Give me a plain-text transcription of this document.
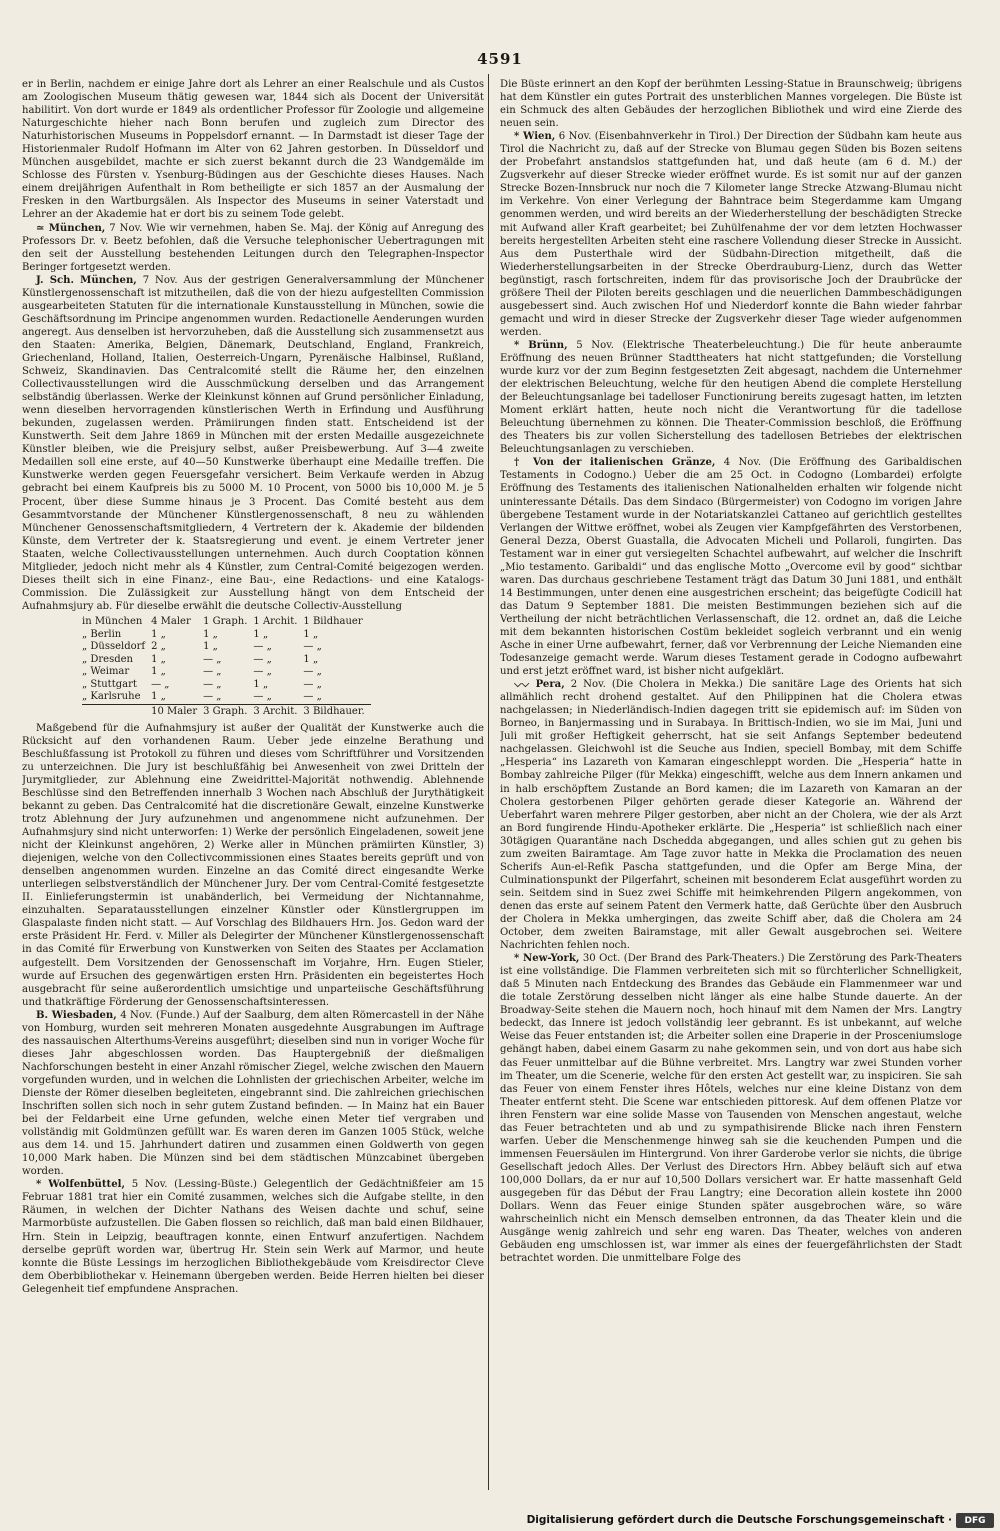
4591

er in Berlin, nachdem er einige Jahre dort als Lehrer an einer Realschule und als Custos am Zoologischen Museum thätig gewesen war, 1844 sich als Docent der Universität habilitirt. Von dort wurde er 1849 als ordentlicher Professor für Zoologie und allgemeine Naturgeschichte hieher nach Bonn berufen und zugleich zum Director des Naturhistorischen Museums in Poppelsdorf ernannt. — In Darmstadt ist dieser Tage der Historienmaler Rudolf Hofmann im Alter von 62 Jahren gestorben. In Düsseldorf und München ausgebildet, machte er sich zuerst bekannt durch die 23 Wandgemälde im Schlosse des Fürsten v. Ysenburg-Büdingen aus der Geschichte dieses Hauses. Nach einem dreijährigen Aufenthalt in Rom betheiligte er sich 1857 an der Ausmalung der Fresken in den Wartburgsälen. Als Inspector des Museums in seiner Vaterstadt und Lehrer an der Akademie hat er dort bis zu seinem Tode gelebt.

≃ München, 7 Nov. Wie wir vernehmen, haben Se. Maj. der König auf Anregung des Professors Dr. v. Beetz befohlen, daß die Versuche telephonischer Uebertragungen mit den seit der Ausstellung bestehenden Leitungen durch den Telegraphen-Inspector Beringer fortgesetzt werden.

J. Sch. München, 7 Nov. Aus der gestrigen Generalversammlung der Münchener Künstlergenossenschaft ist mitzutheilen, daß die von der hiezu aufgestellten Commission ausgearbeiteten Statuten für die internationale Kunstausstellung in München, sowie die Geschäftsordnung im Principe angenommen wurden. Redactionelle Aenderungen wurden angeregt. Aus denselben ist hervorzuheben, daß die Ausstellung sich zusammensetzt aus den Staaten: Amerika, Belgien, Dänemark, Deutschland, England, Frankreich, Griechenland, Holland, Italien, Oesterreich-Ungarn, Pyrenäische Halbinsel, Rußland, Schweiz, Skandinavien. Das Centralcomité stellt die Räume her, den einzelnen Collectivausstellungen wird die Ausschmückung derselben und das Arrangement selbständig überlassen. Werke der Kleinkunst können auf Grund persönlicher Einladung, wenn dieselben hervorragenden künstlerischen Werth in Erfindung und Ausführung bekunden, zugelassen werden. Prämiirungen finden statt. Entscheidend ist der Kunstwerth. Seit dem Jahre 1869 in München mit der ersten Medaille ausgezeichnete Künstler bleiben, wie die Preisjury selbst, außer Preisbewerbung. Auf 3—4 zweite Medaillen soll eine erste, auf 40—50 Kunstwerke überhaupt eine Medaille treffen. Die Kunstwerke werden gegen Feuersgefahr versichert. Beim Verkaufe werden in Abzug gebracht bei einem Kaufpreis bis zu 5000 M. 10 Procent, von 5000 bis 10,000 M. je 5 Procent, über diese Summe hinaus je 3 Procent. Das Comité besteht aus dem Gesammtvorstande der Münchener Künstlergenossenschaft, 8 neu zu wählenden Münchener Genossenschaftsmitgliedern, 4 Vertretern der k. Akademie der bildenden Künste, dem Vertreter der k. Staatsregierung und event. je einem Vertreter jener Staaten, welche Collectivausstellungen unternehmen. Auch durch Cooptation können Mitglieder, jedoch nicht mehr als 4 Künstler, zum Central-Comité beigezogen werden. Dieses theilt sich in eine Finanz-, eine Bau-, eine Redactions- und eine Katalogs-Commission. Die Zulässigkeit zur Ausstellung hängt von dem Entscheid der Aufnahmsjury ab. Für dieselbe erwählt die deutsche Collectiv-Ausstellung

in München	4 Maler	1 Graph.	1 Archit.	1 Bildhauer
„ Berlin	1 „	1 „	1 „	1 „
„ Düsseldorf	2 „	1 „	— „	— „
„ Dresden	1 „	— „	— „	1 „
„ Weimar	1 „	— „	— „	— „
„ Stuttgart	— „	— „	1 „	— „
„ Karlsruhe	1 „	— „	— „	— „
	10 Maler	3 Graph.	3 Archit.	3 Bildhauer.

Maßgebend für die Aufnahmsjury ist außer der Qualität der Kunstwerke auch die Rücksicht auf den vorhandenen Raum. Ueber jede einzelne Berathung und Beschlußfassung ist Protokoll zu führen und dieses vom Schriftführer und Vorsitzenden zu unterzeichnen. Die Jury ist beschlußfähig bei Anwesenheit von zwei Dritteln der Jurymitglieder, zur Ablehnung eine Zweidrittel-Majorität nothwendig. Ablehnende Beschlüsse sind den Betreffenden innerhalb 3 Wochen nach Abschluß der Jurythätigkeit bekannt zu geben. Das Centralcomité hat die discretionäre Gewalt, einzelne Kunstwerke trotz Ablehnung der Jury aufzunehmen und angenommene nicht aufzunehmen. Der Aufnahmsjury sind nicht unterworfen: 1) Werke der persönlich Eingeladenen, soweit jene nicht der Kleinkunst angehören, 2) Werke aller in München prämiirten Künstler, 3) diejenigen, welche von den Collectivcommissionen eines Staates bereits geprüft und von denselben angenommen wurden. Einzelne an das Comité direct eingesandte Werke unterliegen selbstverständlich der Münchener Jury. Der vom Central-Comité festgesetzte II. Einlieferungstermin ist unabänderlich, bei Vermeidung der Nichtannahme, einzuhalten. Separatausstellungen einzelner Künstler oder Künstlergruppen im Glaspalaste finden nicht statt. — Auf Vorschlag des Bildhauers Hrn. Jos. Gedon ward der erste Präsident Hr. Ferd. v. Miller als Delegirter der Münchener Künstlergenossenschaft in das Comité für Erwerbung von Kunstwerken von Seiten des Staates per Acclamation aufgestellt. Dem Vorsitzenden der Genossenschaft im Vorjahre, Hrn. Eugen Stieler, wurde auf Ersuchen des gegenwärtigen ersten Hrn. Präsidenten ein begeistertes Hoch ausgebracht für seine außerordentlich umsichtige und unparteiische Geschäftsführung und thatkräftige Förderung der Genossenschaftsinteressen.

B. Wiesbaden, 4 Nov. (Funde.) Auf der Saalburg, dem alten Römercastell in der Nähe von Homburg, wurden seit mehreren Monaten ausgedehnte Ausgrabungen im Auftrage des nassauischen Alterthums-Vereins ausgeführt; dieselben sind nun in voriger Woche für dieses Jahr abgeschlossen worden. Das Hauptergebniß der dießmaligen Nachforschungen besteht in einer Anzahl römischer Ziegel, welche zwischen den Mauern vorgefunden wurden, und in welchen die Lohnlisten der griechischen Arbeiter, welche im Dienste der Römer dieselben begleiteten, eingebrannt sind. Die zahlreichen griechischen Inschriften sollen sich noch in sehr gutem Zustand befinden. — In Mainz hat ein Bauer bei der Feldarbeit eine Urne gefunden, welche einen Meter tief vergraben und vollständig mit Goldmünzen gefüllt war. Es waren deren im Ganzen 1005 Stück, welche aus dem 14. und 15. Jahrhundert datiren und zusammen einen Goldwerth von gegen 10,000 Mark haben. Die Münzen sind bei dem städtischen Münzcabinet übergeben worden.

* Wolfenbüttel, 5 Nov. (Lessing-Büste.) Gelegentlich der Gedächtnißfeier am 15 Februar 1881 trat hier ein Comité zusammen, welches sich die Aufgabe stellte, in den Räumen, in welchen der Dichter Nathans des Weisen dachte und schuf, seine Marmorbüste aufzustellen. Die Gaben flossen so reichlich, daß man bald einen Bildhauer, Hrn. Stein in Leipzig, beauftragen konnte, einen Entwurf anzufertigen. Nachdem derselbe geprüft worden war, übertrug Hr. Stein sein Werk auf Marmor, und heute konnte die Büste Lessings im herzoglichen Bibliothekgebäude vom Kreisdirector Cleve dem Oberbibliothekar v. Heinemann übergeben werden. Beide Herren hielten bei dieser Gelegenheit tief empfundene Ansprachen.

Die Büste erinnert an den Kopf der berühmten Lessing-Statue in Braunschweig; übrigens hat dem Künstler ein gutes Portrait des unsterblichen Mannes vorgelegen. Die Büste ist ein Schmuck des alten Gebäudes der herzoglichen Bibliothek und wird eine Zierde des neuen sein.

* Wien, 6 Nov. (Eisenbahnverkehr in Tirol.) Der Direction der Südbahn kam heute aus Tirol die Nachricht zu, daß auf der Strecke von Blumau gegen Süden bis Bozen seitens der Probefahrt anstandslos stattgefunden hat, und daß heute (am 6 d. M.) der Zugsverkehr auf dieser Strecke wieder eröffnet wurde. Es ist somit nur auf der ganzen Strecke Bozen-Innsbruck nur noch die 7 Kilometer lange Strecke Atzwang-Blumau nicht im Verkehre. Von einer Verlegung der Bahntrace beim Stegerdamme kam Umgang genommen werden, und wird bereits an der Wiederherstellung der beschädigten Strecke mit Aufwand aller Kraft gearbeitet; bei Zuhülfenahme der vor dem letzten Hochwasser bereits hergestellten Arbeiten steht eine raschere Vollendung dieser Strecke in Aussicht. Aus dem Pusterthale wird der Südbahn-Direction mitgetheilt, daß die Wiederherstellungsarbeiten in der Strecke Oberdrauburg-Lienz, durch das Wetter begünstigt, rasch fortschreiten, indem für das provisorische Joch der Draubrücke der größere Theil der Piloten bereits geschlagen und die neuerlichen Dammbeschädigungen ausgebessert sind. Auch zwischen Hof und Niederdorf konnte die Bahn wieder fahrbar gemacht und wird in dieser Strecke der Zugsverkehr dieser Tage wieder aufgenommen werden.

* Brünn, 5 Nov. (Elektrische Theaterbeleuchtung.) Die für heute anberaumte Eröffnung des neuen Brünner Stadttheaters hat nicht stattgefunden; die Vorstellung wurde kurz vor der zum Beginn festgesetzten Zeit abgesagt, nachdem die Unternehmer der elektrischen Beleuchtung, welche für den heutigen Abend die complete Herstellung der Beleuchtungsanlage bei tadelloser Functionirung bereits zugesagt hatten, im letzten Moment erklärt hatten, heute noch nicht die Verantwortung für die tadellose Beleuchtung übernehmen zu können. Die Theater-Commission beschloß, die Eröffnung des Theaters bis zur vollen Sicherstellung des tadellosen Betriebes der elektrischen Beleuchtungsanlagen zu verschieben.

† Von der italienischen Gränze, 4 Nov. (Die Eröffnung des Garibaldischen Testaments in Codogno.) Ueber die am 25 Oct. in Codogno (Lombardei) erfolgte Eröffnung des Testaments des italienischen Nationalhelden erhalten wir folgende nicht uninteressante Détails. Das dem Sindaco (Bürgermeister) von Codogno im vorigen Jahre übergebene Testament wurde in der Notariatskanzlei Cattaneo auf gerichtlich gestelltes Verlangen der Wittwe eröffnet, wobei als Zeugen vier Kampfgefährten des Verstorbenen, General Dezza, Oberst Guastalla, die Advocaten Micheli und Pollaroli, fungirten. Das Testament war in einer gut versiegelten Schachtel aufbewahrt, auf welcher die Inschrift „Mio testamento. Garibaldi“ und das englische Motto „Overcome evil by good“ sichtbar waren. Das durchaus geschriebene Testament trägt das Datum 30 Juni 1881, und enthält 14 Bestimmungen, unter denen eine ausgestrichen erscheint; das beigefügte Codicill hat das Datum 9 September 1881. Die meisten Bestimmungen beziehen sich auf die Vertheilung der nicht beträchtlichen Verlassenschaft, die 12. ordnet an, daß die Leiche mit dem bekannten historischen Costüm bekleidet sogleich verbrannt und ein wenig Asche in einer Urne aufbewahrt, ferner, daß vor Verbrennung der Leiche Niemanden eine Todesanzeige gemacht werde. Warum dieses Testament gerade in Codogno aufbewahrt und erst jetzt eröffnet ward, ist bisher nicht aufgeklärt.

⌵⌵ Pera, 2 Nov. (Die Cholera in Mekka.) Die sanitäre Lage des Orients hat sich allmählich recht drohend gestaltet. Auf den Philippinen hat die Cholera etwas nachgelassen; in Niederländisch-Indien dagegen tritt sie epidemisch auf: im Süden von Borneo, in Banjermassing und in Surabaya. In Brittisch-Indien, wo sie im Mai, Juni und Juli mit großer Heftigkeit geherrscht, hat sie seit Anfangs September bedeutend nachgelassen. Gleichwohl ist die Seuche aus Indien, speciell Bombay, mit dem Schiffe „Hesperia“ ins Lazareth von Kamaran eingeschleppt worden. Die „Hesperia“ hatte in Bombay zahlreiche Pilger (für Mekka) eingeschifft, welche aus dem Innern ankamen und in halb erschöpftem Zustande an Bord kamen; die im Lazareth von Kamaran an der Cholera gestorbenen Pilger gehörten gerade dieser Kategorie an. Während der Ueberfahrt waren mehrere Pilger gestorben, aber nicht an der Cholera, wie der als Arzt an Bord fungirende Hindu-Apotheker erklärte. Die „Hesperia“ ist schließlich nach einer 30tägigen Quarantäne nach Dschedda abgegangen, und alles schien gut zu gehen bis zum zweiten Bairamtage. Am Tage zuvor hatte in Mekka die Proclamation des neuen Scherifs Aun-el-Refik Pascha stattgefunden, und die Opfer am Berge Mina, der Culminationspunkt der Pilgerfahrt, scheinen mit besonderem Eclat ausgeführt worden zu sein. Seitdem sind in Suez zwei Schiffe mit heimkehrenden Pilgern angekommen, von denen das erste auf seinem Patent den Vermerk hatte, daß Gerüchte über den Ausbruch der Cholera in Mekka umhergingen, das zweite Schiff aber, daß die Cholera am 24 October, dem zweiten Bairamstage, mit aller Gewalt ausgebrochen sei. Weitere Nachrichten fehlen noch.

* New-York, 30 Oct. (Der Brand des Park-Theaters.) Die Zerstörung des Park-Theaters ist eine vollständige. Die Flammen verbreiteten sich mit so fürchterlicher Schnelligkeit, daß 5 Minuten nach Entdeckung des Brandes das Gebäude ein Flammenmeer war und die totale Zerstörung desselben nicht länger als eine halbe Stunde dauerte. An der Broadway-Seite stehen die Mauern noch, hoch hinauf mit dem Namen der Mrs. Langtry bedeckt, das Innere ist jedoch vollständig leer gebrannt. Es ist unbekannt, auf welche Weise das Feuer entstanden ist; die Arbeiter sollen eine Draperie in der Prosceniumsloge gehängt haben, dabei einem Gasarm zu nahe gekommen sein, und von dort aus habe sich das Feuer unmittelbar auf die Bühne verbreitet. Mrs. Langtry war zwei Stunden vorher im Theater, um die Scenerie, welche für den ersten Act gestellt war, zu inspiciren. Sie sah das Feuer von einem Fenster ihres Hôtels, welches nur eine kleine Distanz von dem Theater entfernt steht. Die Scene war entschieden pittoresk. Auf dem offenen Platze vor ihren Fenstern war eine solide Masse von Tausenden von Menschen angestaut, welche das Feuer betrachteten und ab und zu sympathisirende Blicke nach ihren Fenstern warfen. Ueber die Menschenmenge hinweg sah sie die keuchenden Pumpen und die immensen Feuersäulen im Hintergrund. Von ihrer Garderobe verlor sie nichts, die übrige Gesellschaft jedoch Alles. Der Verlust des Directors Hrn. Abbey beläuft sich auf etwa 100,000 Dollars, da er nur auf 10,500 Dollars versichert war. Er hatte massenhaft Geld ausgegeben für das Début der Frau Langtry; eine Decoration allein kostete ihn 2000 Dollars. Wenn das Feuer einige Stunden später ausgebrochen wäre, so wäre wahrscheinlich nicht ein Mensch demselben entronnen, da das Theater klein und die Ausgänge wenig zahlreich und sehr eng waren. Das Theater, welches von anderen Gebäuden eng umschlossen ist, war immer als eines der feuergefährlichsten der Stadt betrachtet worden. Die unmittelbare Folge des

Digitalisierung gefördert durch die Deutsche Forschungsgemeinschaft ·	DFG
